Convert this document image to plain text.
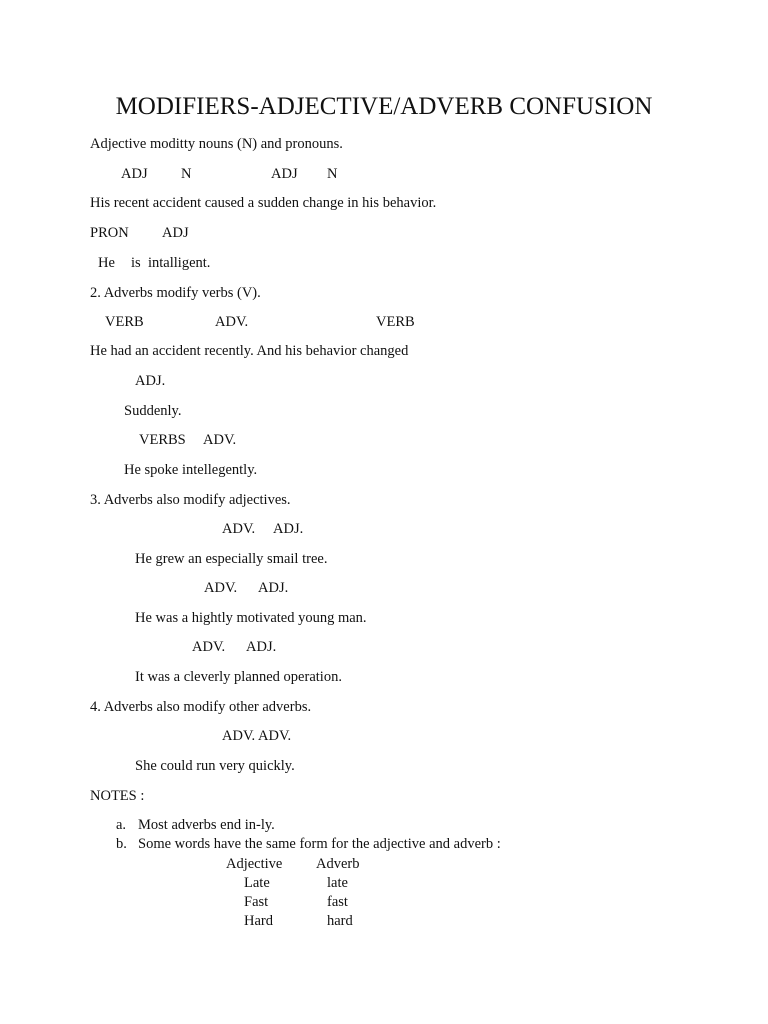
MODIFIERS-ADJECTIVE/ADVERB CONFUSION
Adjective moditty nouns (N) and pronouns.
ADJ N	ADJ N
His recent accident caused a sudden change in his behavior.
PRON ADJ
He is intalligent.
2. Adverbs modify verbs (V).
VERB	ADV.	VERB
He had an accident recently. And his behavior changed
ADJ.
Suddenly.
VERBS ADV.
He spoke intellegently.
3. Adverbs also modify adjectives.
ADV. ADJ.
He grew an especially smail tree.
ADV. ADJ.
He was a hightly motivated young man.
ADV. ADJ.
It was a cleverly planned operation.
4. Adverbs also modify other adverbs.
ADV. ADV.
She could run very quickly.
NOTES :
a. Most adverbs end in-ly.
b. Some words have the same form for the adjective and adverb :
Adjective Adverb
Late	late
Fast	fast
Hard	hard
